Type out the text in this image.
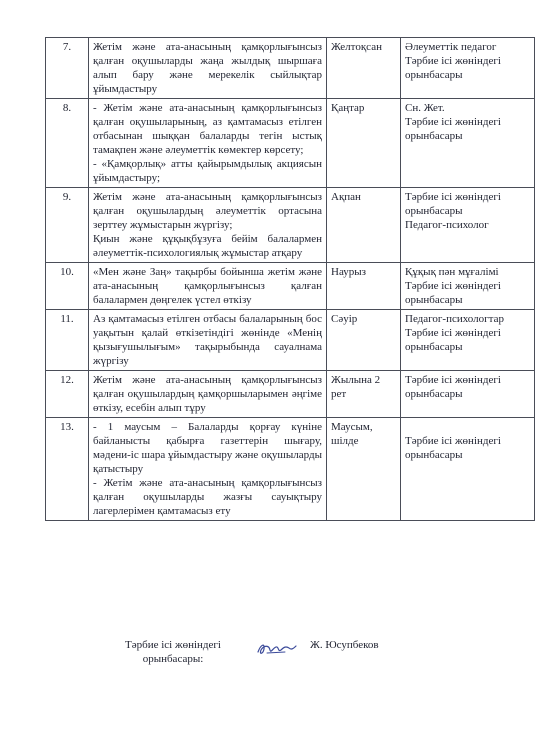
7.	Жетім және ата-анасының қамқорлығынсыз қалған оқушыларды жаңа жылдық шыршаға алып бару және мерекелік сыйлықтар ұйымдастыру	Желтоқсан	Әлеуметтік педагог
Тәрбие ісі жөніндегі орынбасары

8.	- Жетім және ата-анасының қамқорлығынсыз қалған оқушыларының, аз қамтамасыз етілген отбасынан шыққан балаларды тегін ыстық тамақпен және әлеуметтік көмектер көрсету;
- «Қамқорлық» атты қайырымдылық акциясын ұйымдастыру;	Қаңтар	Сн. Жет.
Тәрбие ісі жөніндегі орынбасары

9.	Жетім және ата-анасының қамқорлығынсыз қалған оқушылардың әлеуметтік ортасына зерттеу жұмыстарын жүргізу;
Қиын және құқықбұзуға бейім балалармен әлеуметтік-психологиялық жұмыстар атқару	Ақпан	Тәрбие ісі жөніндегі орынбасары
Педагог-психолог

10.	«Мен және Заң» тақырбы бойынша жетім және ата-анасының қамқорлығынсыз қалған балалармен дөңгелек үстел өткізу	Наурыз	Құқық пән мұғалімі
Тәрбие ісі жөніндегі орынбасары

11.	Аз қамтамасыз етілген отбасы балаларының бос уақытын қалай өткізетіндігі жөнінде «Менің қызығушылығым» тақырыбында сауалнама жүргізу	Сәуір	Педагог-психологтар
Тәрбие ісі жөніндегі орынбасары

12.	Жетім және ата-анасының қамқорлығынсыз қалған оқушылардың қамқоршыларымен әңгіме өткізу, есебін алып тұру	Жылына 2 рет	Тәрбие ісі жөніндегі орынбасары

13.	- 1 маусым – Балаларды қорғау күніне байланысты қабырға газеттерін шығару, мәдени-іс шара ұйымдастыру және оқушыларды қатыстыру
- Жетім және ата-анасының қамқорлығынсыз қалған оқушыларды жазғы сауықтыру лагерлерімен қамтамасыз ету	Маусым,
шілде	Тәрбие ісі жөніндегі орынбасары
Тәрбие ісі жөніндегі
орынбасары:
Ж. Юсупбеков
